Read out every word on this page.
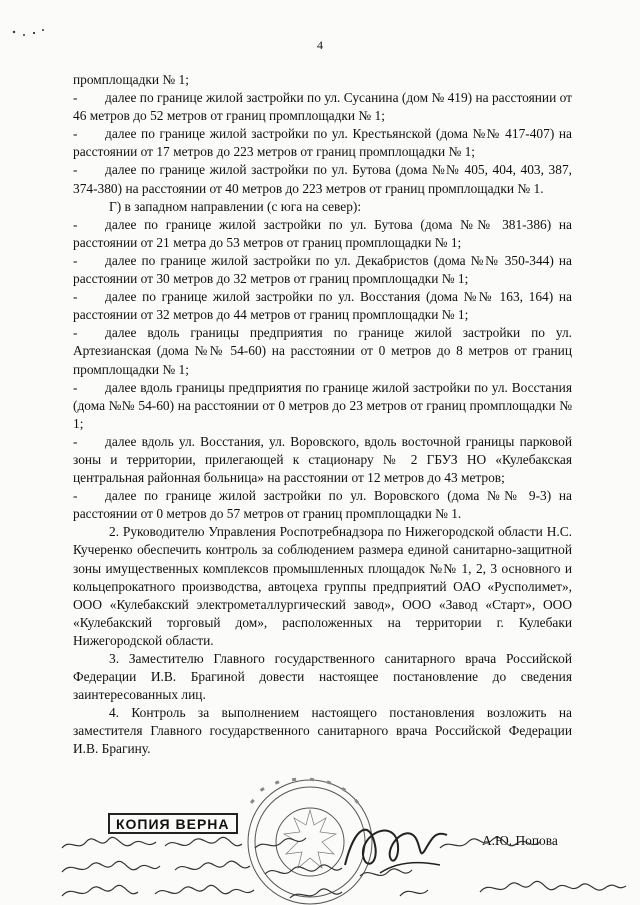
4

промплощадки № 1;

- далее по границе жилой застройки по ул. Сусанина (дом № 419) на расстоянии от 46 метров до 52 метров от границ промплощадки № 1;

- далее по границе жилой застройки по ул. Крестьянской (дома №№ 417-407) на расстоянии от 17 метров до 223 метров от границ промплощадки № 1;

- далее по границе жилой застройки по ул. Бутова (дома №№ 405, 404, 403, 387, 374-380) на расстоянии от 40 метров до 223 метров от границ промплощадки № 1.

Г) в западном направлении (с юга на север):

- далее по границе жилой застройки по ул. Бутова (дома №№ 381-386) на расстоянии от 21 метра до 53 метров от границ промплощадки № 1;

- далее по границе жилой застройки по ул. Декабристов (дома №№ 350-344) на расстоянии от 30 метров до 32 метров от границ промплощадки № 1;

- далее по границе жилой застройки по ул. Восстания (дома №№ 163, 164) на расстоянии от 32 метров до 44 метров от границ промплощадки № 1;

- далее вдоль границы предприятия по границе жилой застройки по ул. Артезианская (дома №№ 54-60) на расстоянии от 0 метров до 8 метров от границ промплощадки № 1;

- далее вдоль границы предприятия по границе жилой застройки по ул. Восстания (дома №№ 54-60) на расстоянии от 0 метров до 23 метров от границ промплощадки № 1;

- далее вдоль ул. Восстания, ул. Воровского, вдоль восточной границы парковой зоны и территории, прилегающей к стационару № 2 ГБУЗ НО «Кулебакская центральная районная больница» на расстоянии от 12 метров до 43 метров;

- далее по границе жилой застройки по ул. Воровского (дома №№ 9-3) на расстоянии от 0 метров до 57 метров от границ промплощадки № 1.

2. Руководителю Управления Роспотребнадзора по Нижегородской области Н.С. Кучеренко обеспечить контроль за соблюдением размера единой санитарно-защитной зоны имущественных комплексов промышленных площадок №№ 1, 2, 3 основного и кольцепрокатного производства, автоцеха группы предприятий ОАО «Русполимет», ООО «Кулебакский электрометаллургический завод», ООО «Завод «Старт», ООО «Кулебакский торговый дом», расположенных на территории г. Кулебаки Нижегородской области.

3. Заместителю Главного государственного санитарного врача Российской Федерации И.В. Брагиной довести настоящее постановление до сведения заинтересованных лиц.

4. Контроль за выполнением настоящего постановления возложить на заместителя Главного государственного санитарного врача Российской Федерации И.В. Брагину.

КОПИЯ ВЕРНА
А.Ю. Попова
